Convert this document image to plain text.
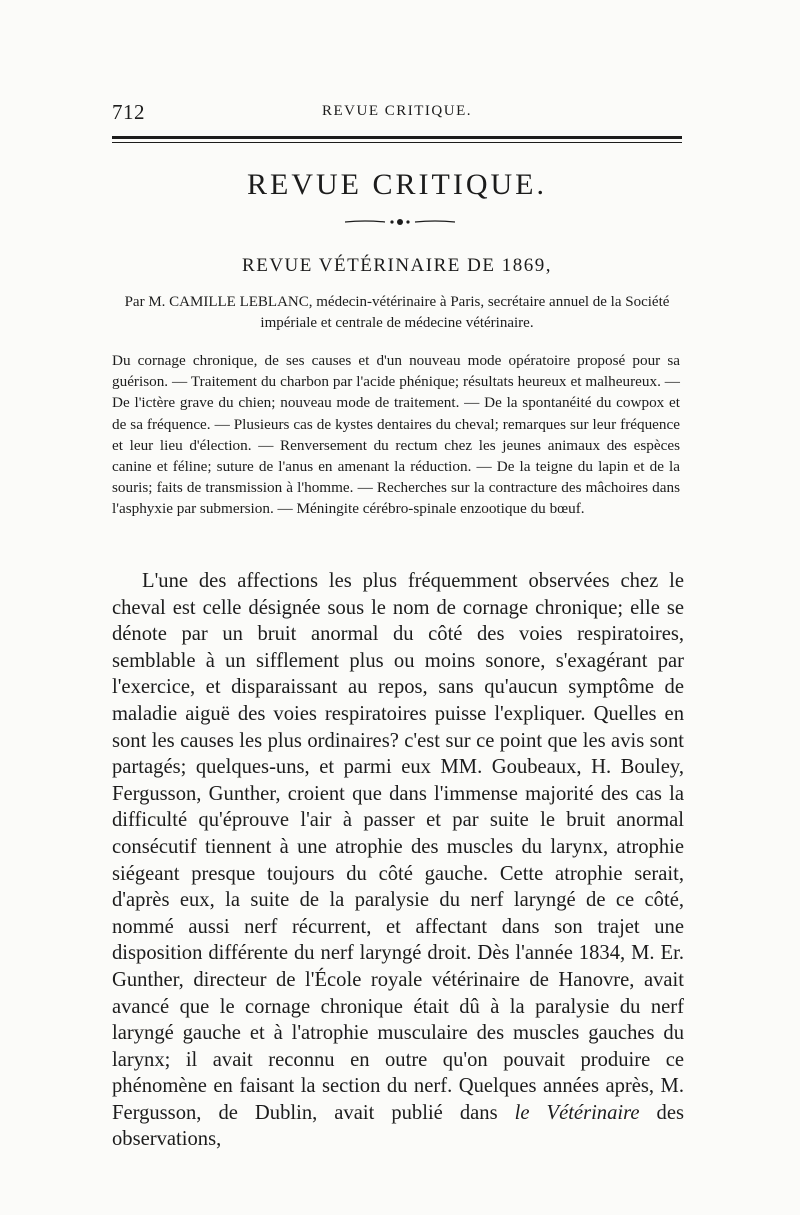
712	REVUE CRITIQUE.
REVUE CRITIQUE.
REVUE VÉTÉRINAIRE DE 1869,
Par M. CAMILLE LEBLANC, médecin-vétérinaire à Paris, secrétaire annuel de la Société impériale et centrale de médecine vétérinaire.
Du cornage chronique, de ses causes et d'un nouveau mode opératoire proposé pour sa guérison. — Traitement du charbon par l'acide phénique; résultats heureux et malheureux. — De l'ictère grave du chien; nouveau mode de traitement. — De la spontanéité du cowpox et de sa fréquence. — Plusieurs cas de kystes dentaires du cheval; remarques sur leur fréquence et leur lieu d'élection. — Renversement du rectum chez les jeunes animaux des espèces canine et féline; suture de l'anus en amenant la réduction. — De la teigne du lapin et de la souris; faits de transmission à l'homme. — Recherches sur la contracture des mâchoires dans l'asphyxie par submersion. — Méningite cérébro-spinale enzootique du bœuf.
L'une des affections les plus fréquemment observées chez le cheval est celle désignée sous le nom de cornage chronique; elle se dénote par un bruit anormal du côté des voies respiratoires, semblable à un sifflement plus ou moins sonore, s'exagérant par l'exercice, et disparaissant au repos, sans qu'aucun symptôme de maladie aiguë des voies respiratoires puisse l'expliquer. Quelles en sont les causes les plus ordinaires? c'est sur ce point que les avis sont partagés; quelques-uns, et parmi eux MM. Goubeaux, H. Bouley, Fergusson, Gunther, croient que dans l'immense majorité des cas la difficulté qu'éprouve l'air à passer et par suite le bruit anormal consécutif tiennent à une atrophie des muscles du larynx, atrophie siégeant presque toujours du côté gauche. Cette atrophie serait, d'après eux, la suite de la paralysie du nerf laryngé de ce côté, nommé aussi nerf récurrent, et affectant dans son trajet une disposition différente du nerf laryngé droit. Dès l'année 1834, M. Er. Gunther, directeur de l'École royale vétérinaire de Hanovre, avait avancé que le cornage chronique était dû à la paralysie du nerf laryngé gauche et à l'atrophie musculaire des muscles gauches du larynx; il avait reconnu en outre qu'on pouvait produire ce phénomène en faisant la section du nerf. Quelques années après, M. Fergusson, de Dublin, avait publié dans le Vétérinaire des observations,
